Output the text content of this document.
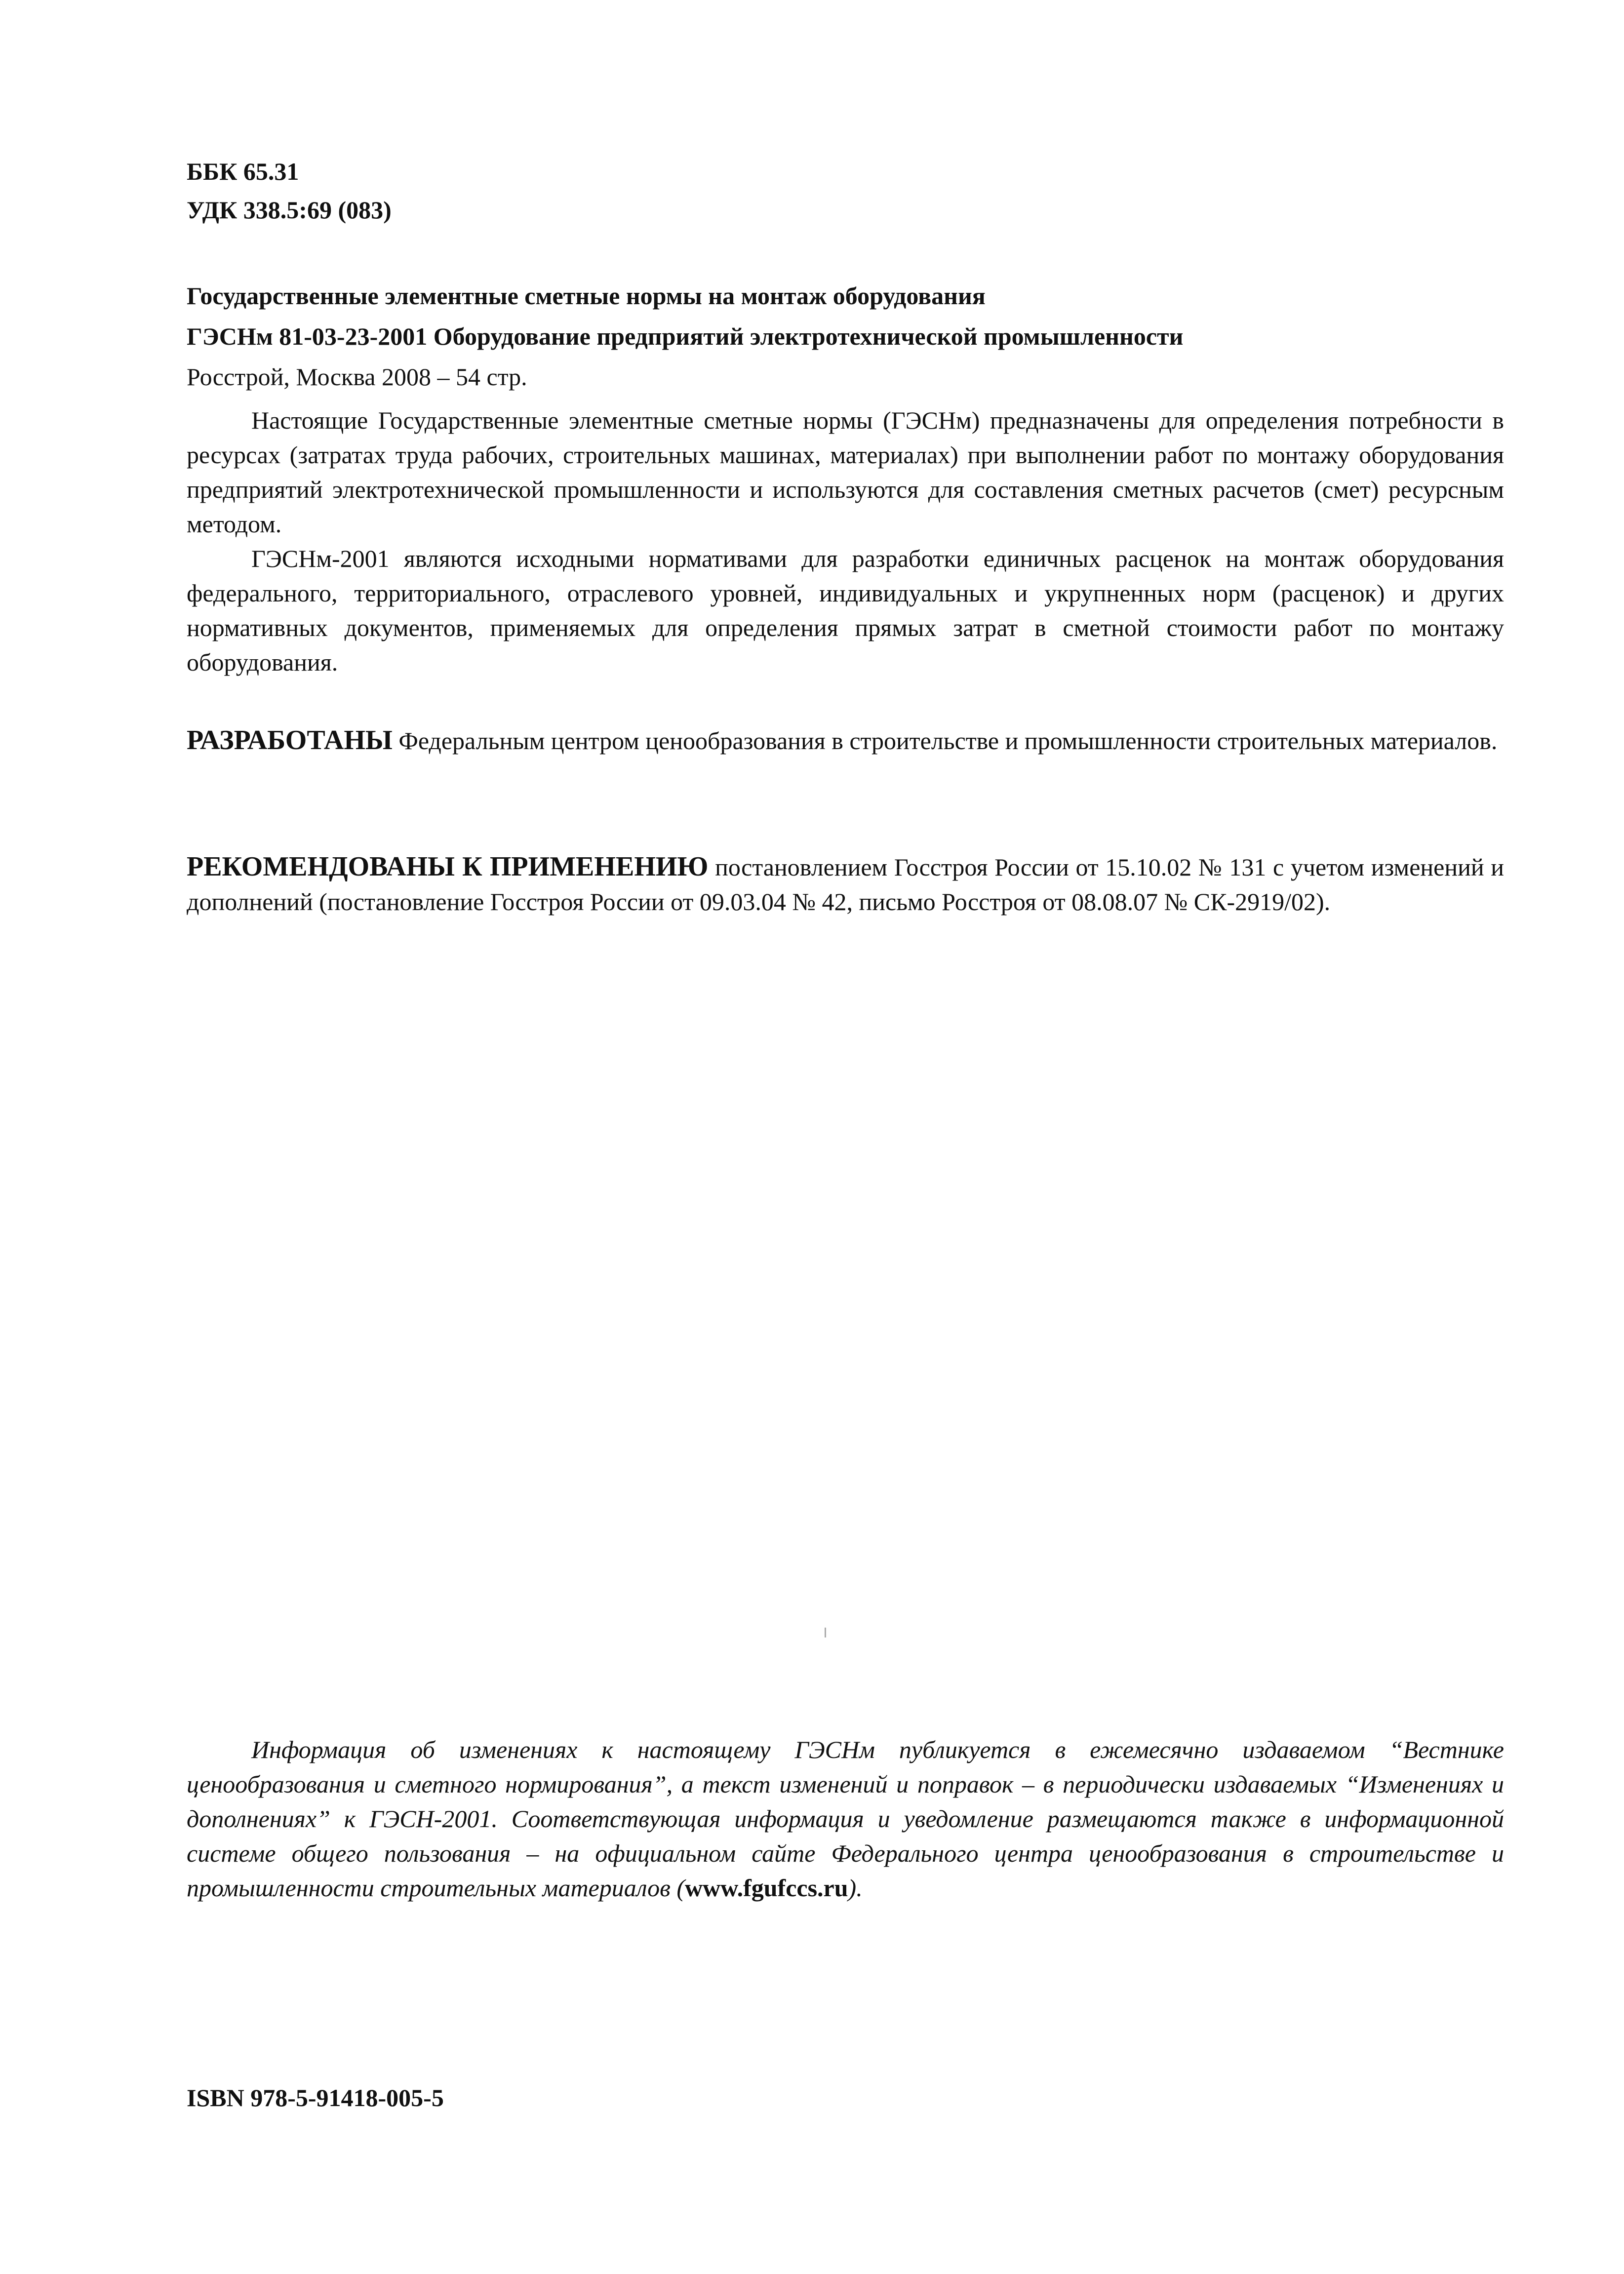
ББК 65.31
УДК 338.5:69 (083)
Государственные элементные сметные нормы на монтаж оборудования
ГЭСНм 81-03-23-2001 Оборудование предприятий электротехнической промышленности
Росстрой, Москва 2008 – 54 стр.

Настоящие Государственные элементные сметные нормы (ГЭСНм) предназначены для определения потребности в ресурсах (затратах труда рабочих, строительных машинах, материалах) при выполнении работ по монтажу оборудования предприятий электротехнической промышленности и используются для составления сметных расчетов (смет) ресурсным методом.

ГЭСНм-2001 являются исходными нормативами для разработки единичных расценок на монтаж оборудования федерального, территориального, отраслевого уровней, индивидуальных и укрупненных норм (расценок) и других нормативных документов, применяемых для определения прямых затрат в сметной стоимости работ по монтажу оборудования.

РАЗРАБОТАНЫ Федеральным центром ценообразования в строительстве и промышленности строительных материалов.
РЕКОМЕНДОВАНЫ К ПРИМЕНЕНИЮ постановлением Госстроя России от 15.10.02 № 131 с учетом изменений и дополнений (постановление Госстроя России от 09.03.04 № 42, письмо Росстроя от 08.08.07 № СК-2919/02).
Информация об изменениях к настоящему ГЭСНм публикуется в ежемесячно издаваемом “Вестнике ценообразования и сметного нормирования”, а текст изменений и поправок – в периодически издаваемых “Изменениях и дополнениях” к ГЭСН-2001. Соответствующая информация и уведомление размещаются также в информационной системе общего пользования – на официальном сайте Федерального центра ценообразования в строительстве и промышленности строительных материалов (www.fgufccs.ru).
ISBN 978-5-91418-005-5
